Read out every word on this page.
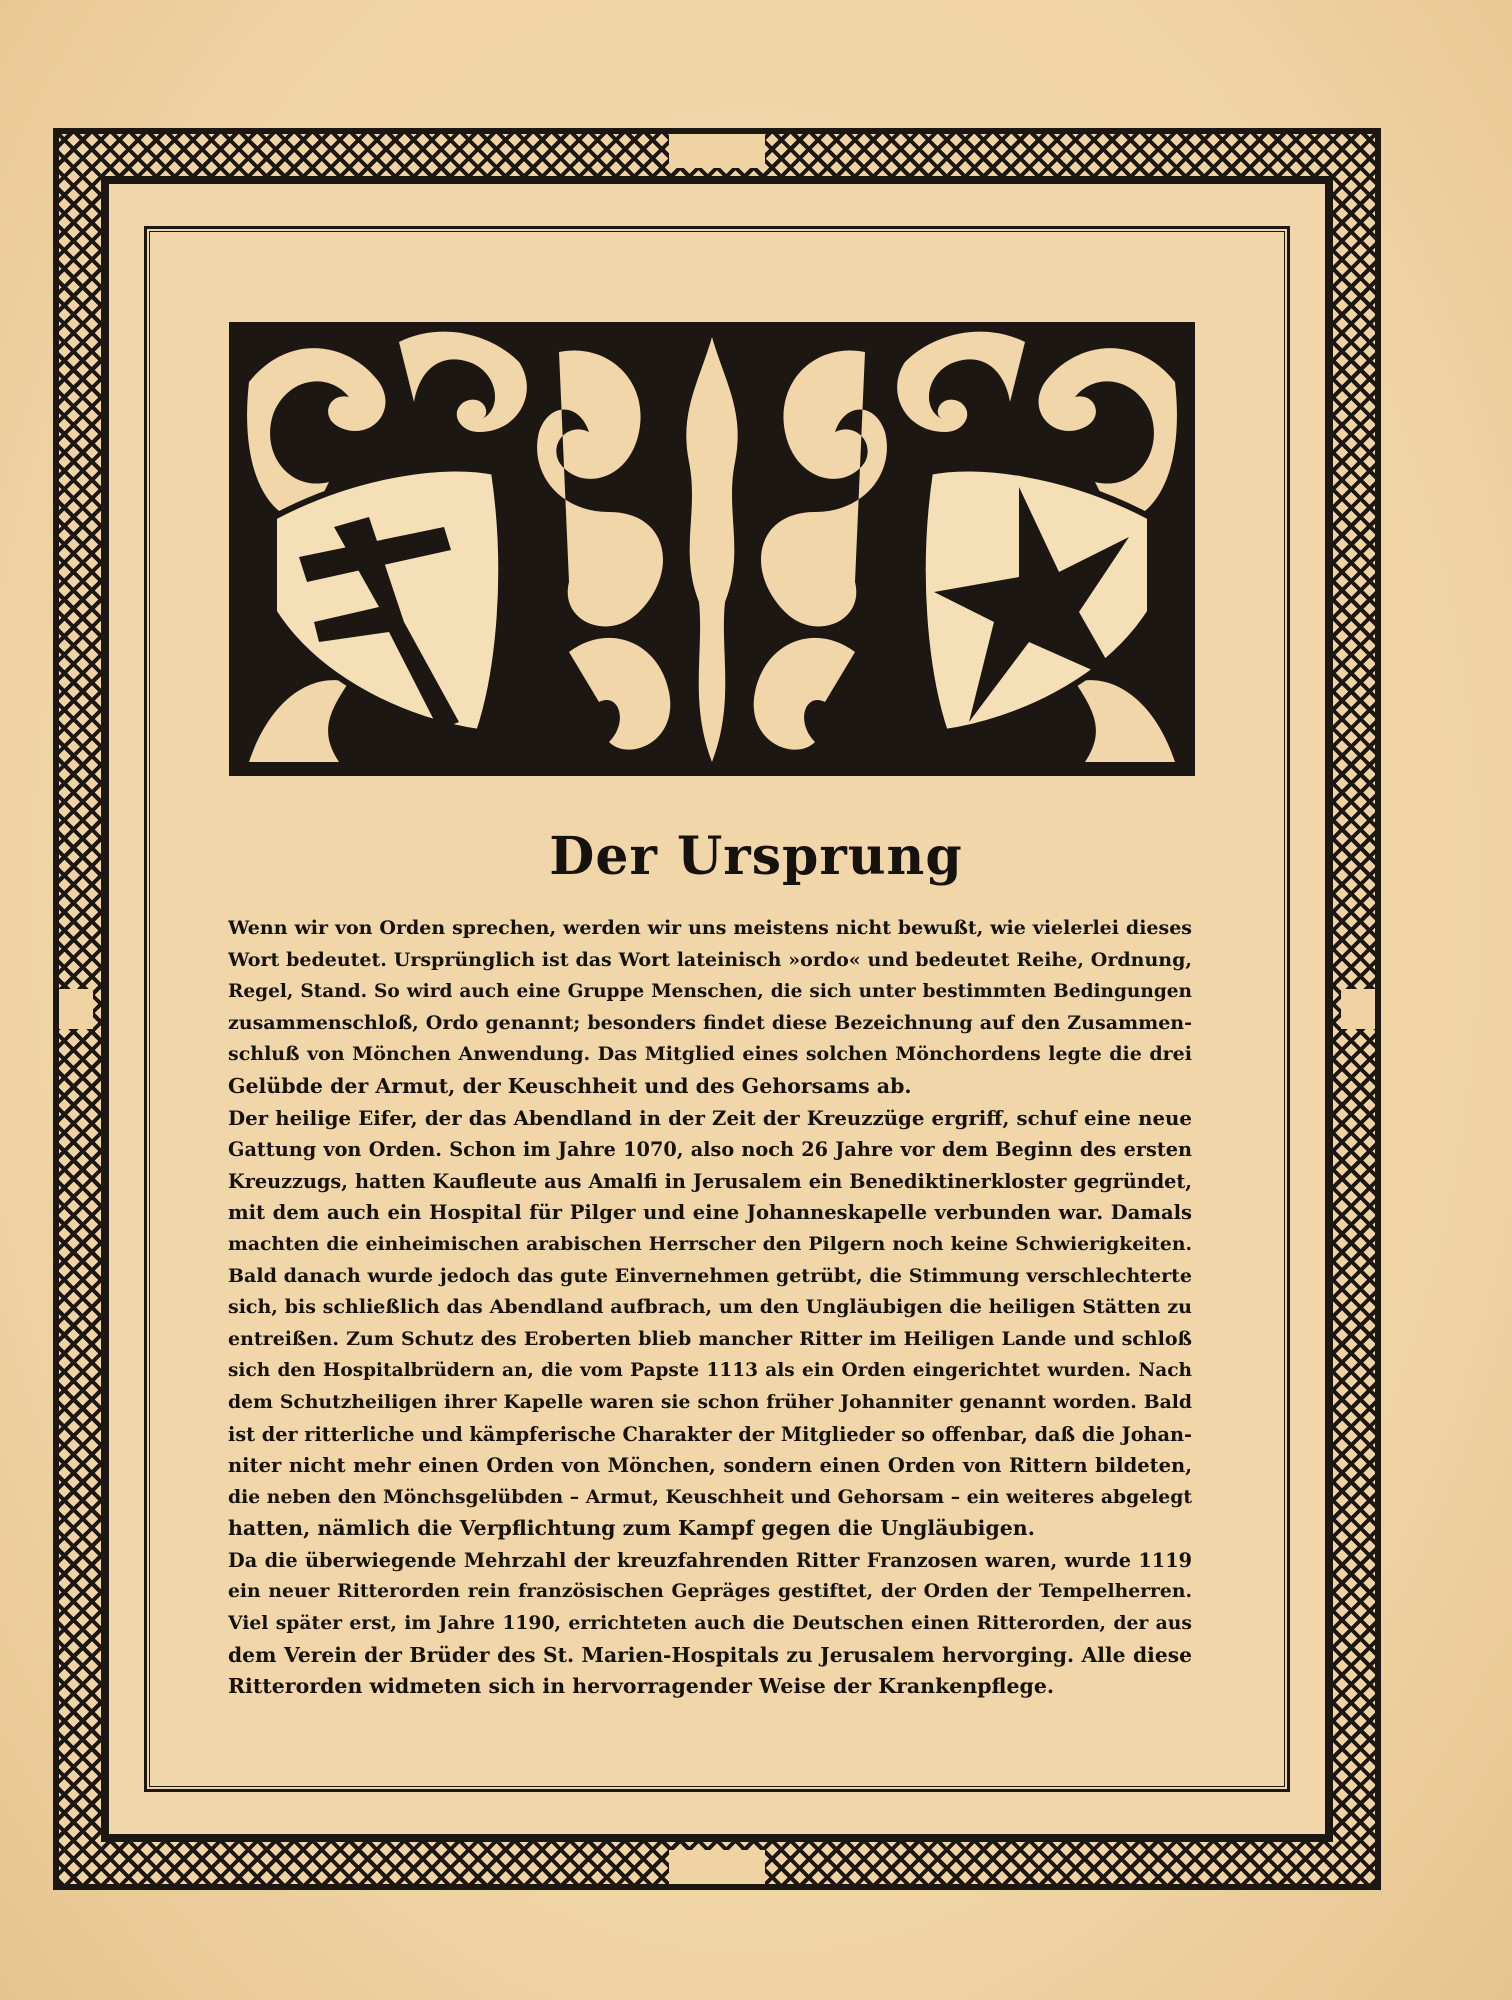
Der Ursprung
Wenn wir von Orden sprechen, werden wir uns meistens nicht bewußt, wie vielerlei dieses
Wort bedeutet. Ursprünglich ist das Wort lateinisch »ordo« und bedeutet Reihe, Ordnung,
Regel, Stand. So wird auch eine Gruppe Menschen, die sich unter bestimmten Bedingungen
zusammenschloß, Ordo genannt; besonders findet diese Bezeichnung auf den Zusammen-
schluß von Mönchen Anwendung. Das Mitglied eines solchen Mönchordens legte die drei
Gelübde der Armut, der Keuschheit und des Gehorsams ab.
Der heilige Eifer, der das Abendland in der Zeit der Kreuzzüge ergriff, schuf eine neue
Gattung von Orden. Schon im Jahre 1070, also noch 26 Jahre vor dem Beginn des ersten
Kreuzzugs, hatten Kaufleute aus Amalfi in Jerusalem ein Benediktinerkloster gegründet,
mit dem auch ein Hospital für Pilger und eine Johanneskapelle verbunden war. Damals
machten die einheimischen arabischen Herrscher den Pilgern noch keine Schwierigkeiten.
Bald danach wurde jedoch das gute Einvernehmen getrübt, die Stimmung verschlechterte
sich, bis schließlich das Abendland aufbrach, um den Ungläubigen die heiligen Stätten zu
entreißen. Zum Schutz des Eroberten blieb mancher Ritter im Heiligen Lande und schloß
sich den Hospitalbrüdern an, die vom Papste 1113 als ein Orden eingerichtet wurden. Nach
dem Schutzheiligen ihrer Kapelle waren sie schon früher Johanniter genannt worden. Bald
ist der ritterliche und kämpferische Charakter der Mitglieder so offenbar, daß die Johan-
niter nicht mehr einen Orden von Mönchen, sondern einen Orden von Rittern bildeten,
die neben den Mönchsgelübden – Armut, Keuschheit und Gehorsam – ein weiteres abgelegt
hatten, nämlich die Verpflichtung zum Kampf gegen die Ungläubigen.
Da die überwiegende Mehrzahl der kreuzfahrenden Ritter Franzosen waren, wurde 1119
ein neuer Ritterorden rein französischen Gepräges gestiftet, der Orden der Tempelherren.
Viel später erst, im Jahre 1190, errichteten auch die Deutschen einen Ritterorden, der aus
dem Verein der Brüder des St. Marien-Hospitals zu Jerusalem hervorging. Alle diese
Ritterorden widmeten sich in hervorragender Weise der Krankenpflege.
